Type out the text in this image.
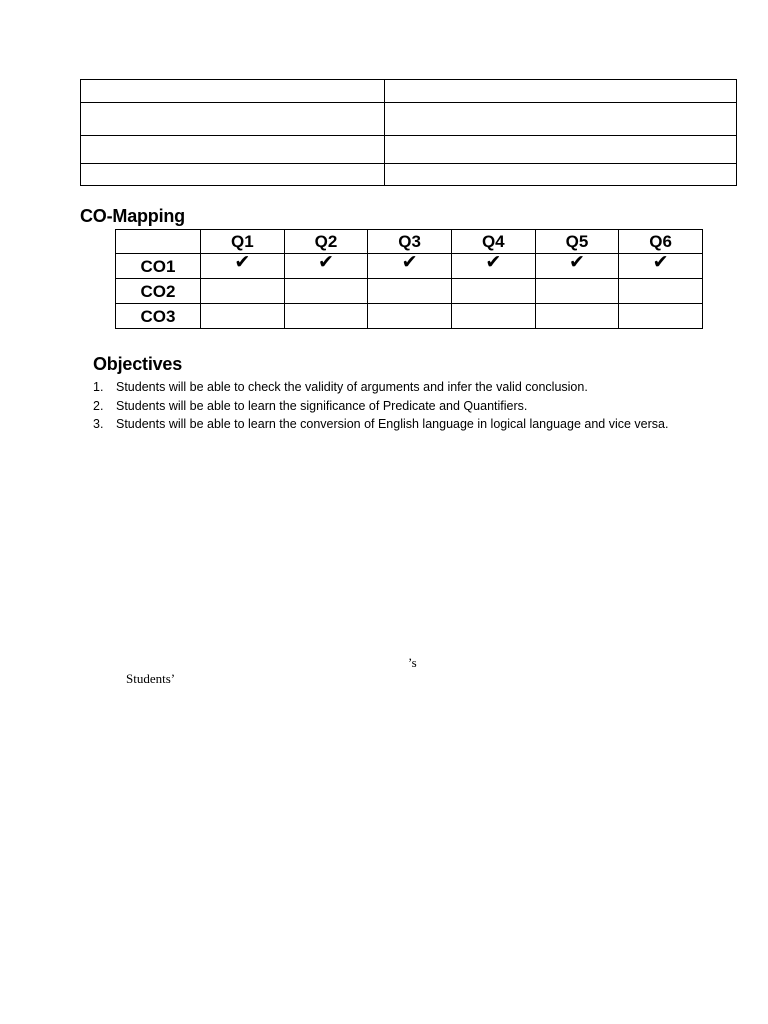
CO-Mapping
	Q1	Q2	Q3	Q4	Q5	Q6
CO1	✔	✔	✔	✔	✔	✔
CO2						
CO3						
Objectives
1.	Students will be able to check the validity of arguments and infer the valid conclusion.
2.	Students will be able to learn the significance of Predicate and Quantifiers.
3.	Students will be able to learn the conversion of English language in logical language and vice versa.
’s
Students’
